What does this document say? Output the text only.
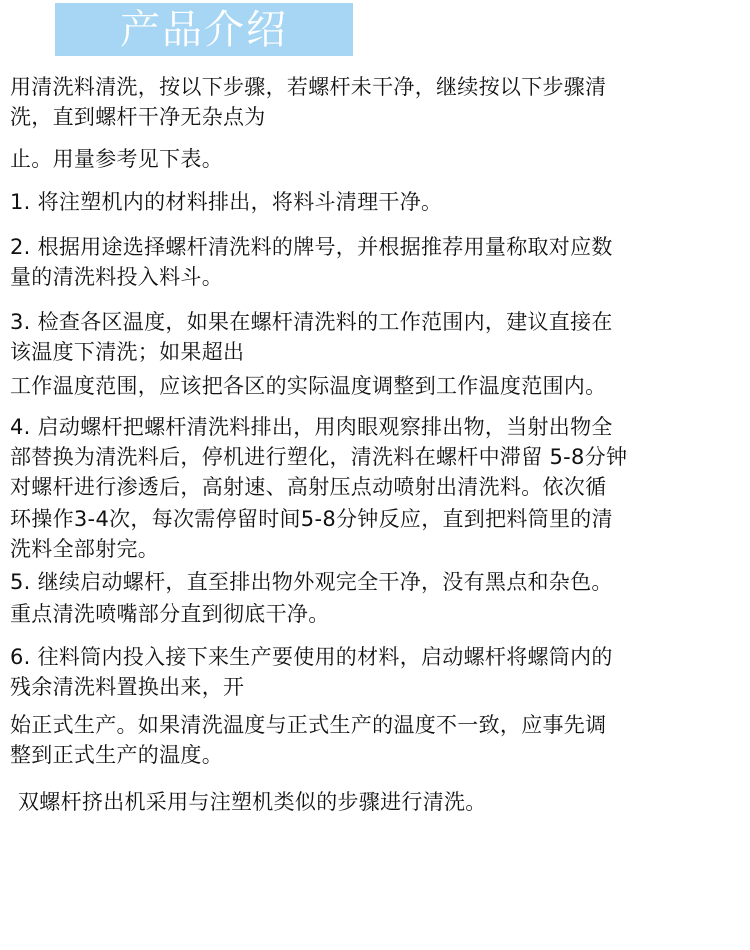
产品介绍
用清洗料清洗，按以下步骤，若螺杆未干净，继续按以下步骤清
洗，直到螺杆干净无杂点为
止。用量参考见下表。
1. 将注塑机内的材料排出，将料斗清理干净。
2. 根据用途选择螺杆清洗料的牌号，并根据推荐用量称取对应数
量的清洗料投入料斗。
3. 检查各区温度，如果在螺杆清洗料的工作范围内，建议直接在
该温度下清洗；如果超出
工作温度范围，应该把各区的实际温度调整到工作温度范围内。
4. 启动螺杆把螺杆清洗料排出，用肉眼观察排出物，当射出物全
部替换为清洗料后，停机进行塑化，清洗料在螺杆中滞留 5-8分钟
对螺杆进行渗透后，高射速、高射压点动喷射出清洗料。依次循
环操作3-4次，每次需停留时间5-8分钟反应，直到把料筒里的清
洗料全部射完。
5. 继续启动螺杆，直至排出物外观完全干净，没有黑点和杂色。
重点清洗喷嘴部分直到彻底干净。
6. 往料筒内投入接下来生产要使用的材料，启动螺杆将螺筒内的
残余清洗料置换出来，开
始正式生产。如果清洗温度与正式生产的温度不一致，应事先调
整到正式生产的温度。
双螺杆挤出机采用与注塑机类似的步骤进行清洗。
